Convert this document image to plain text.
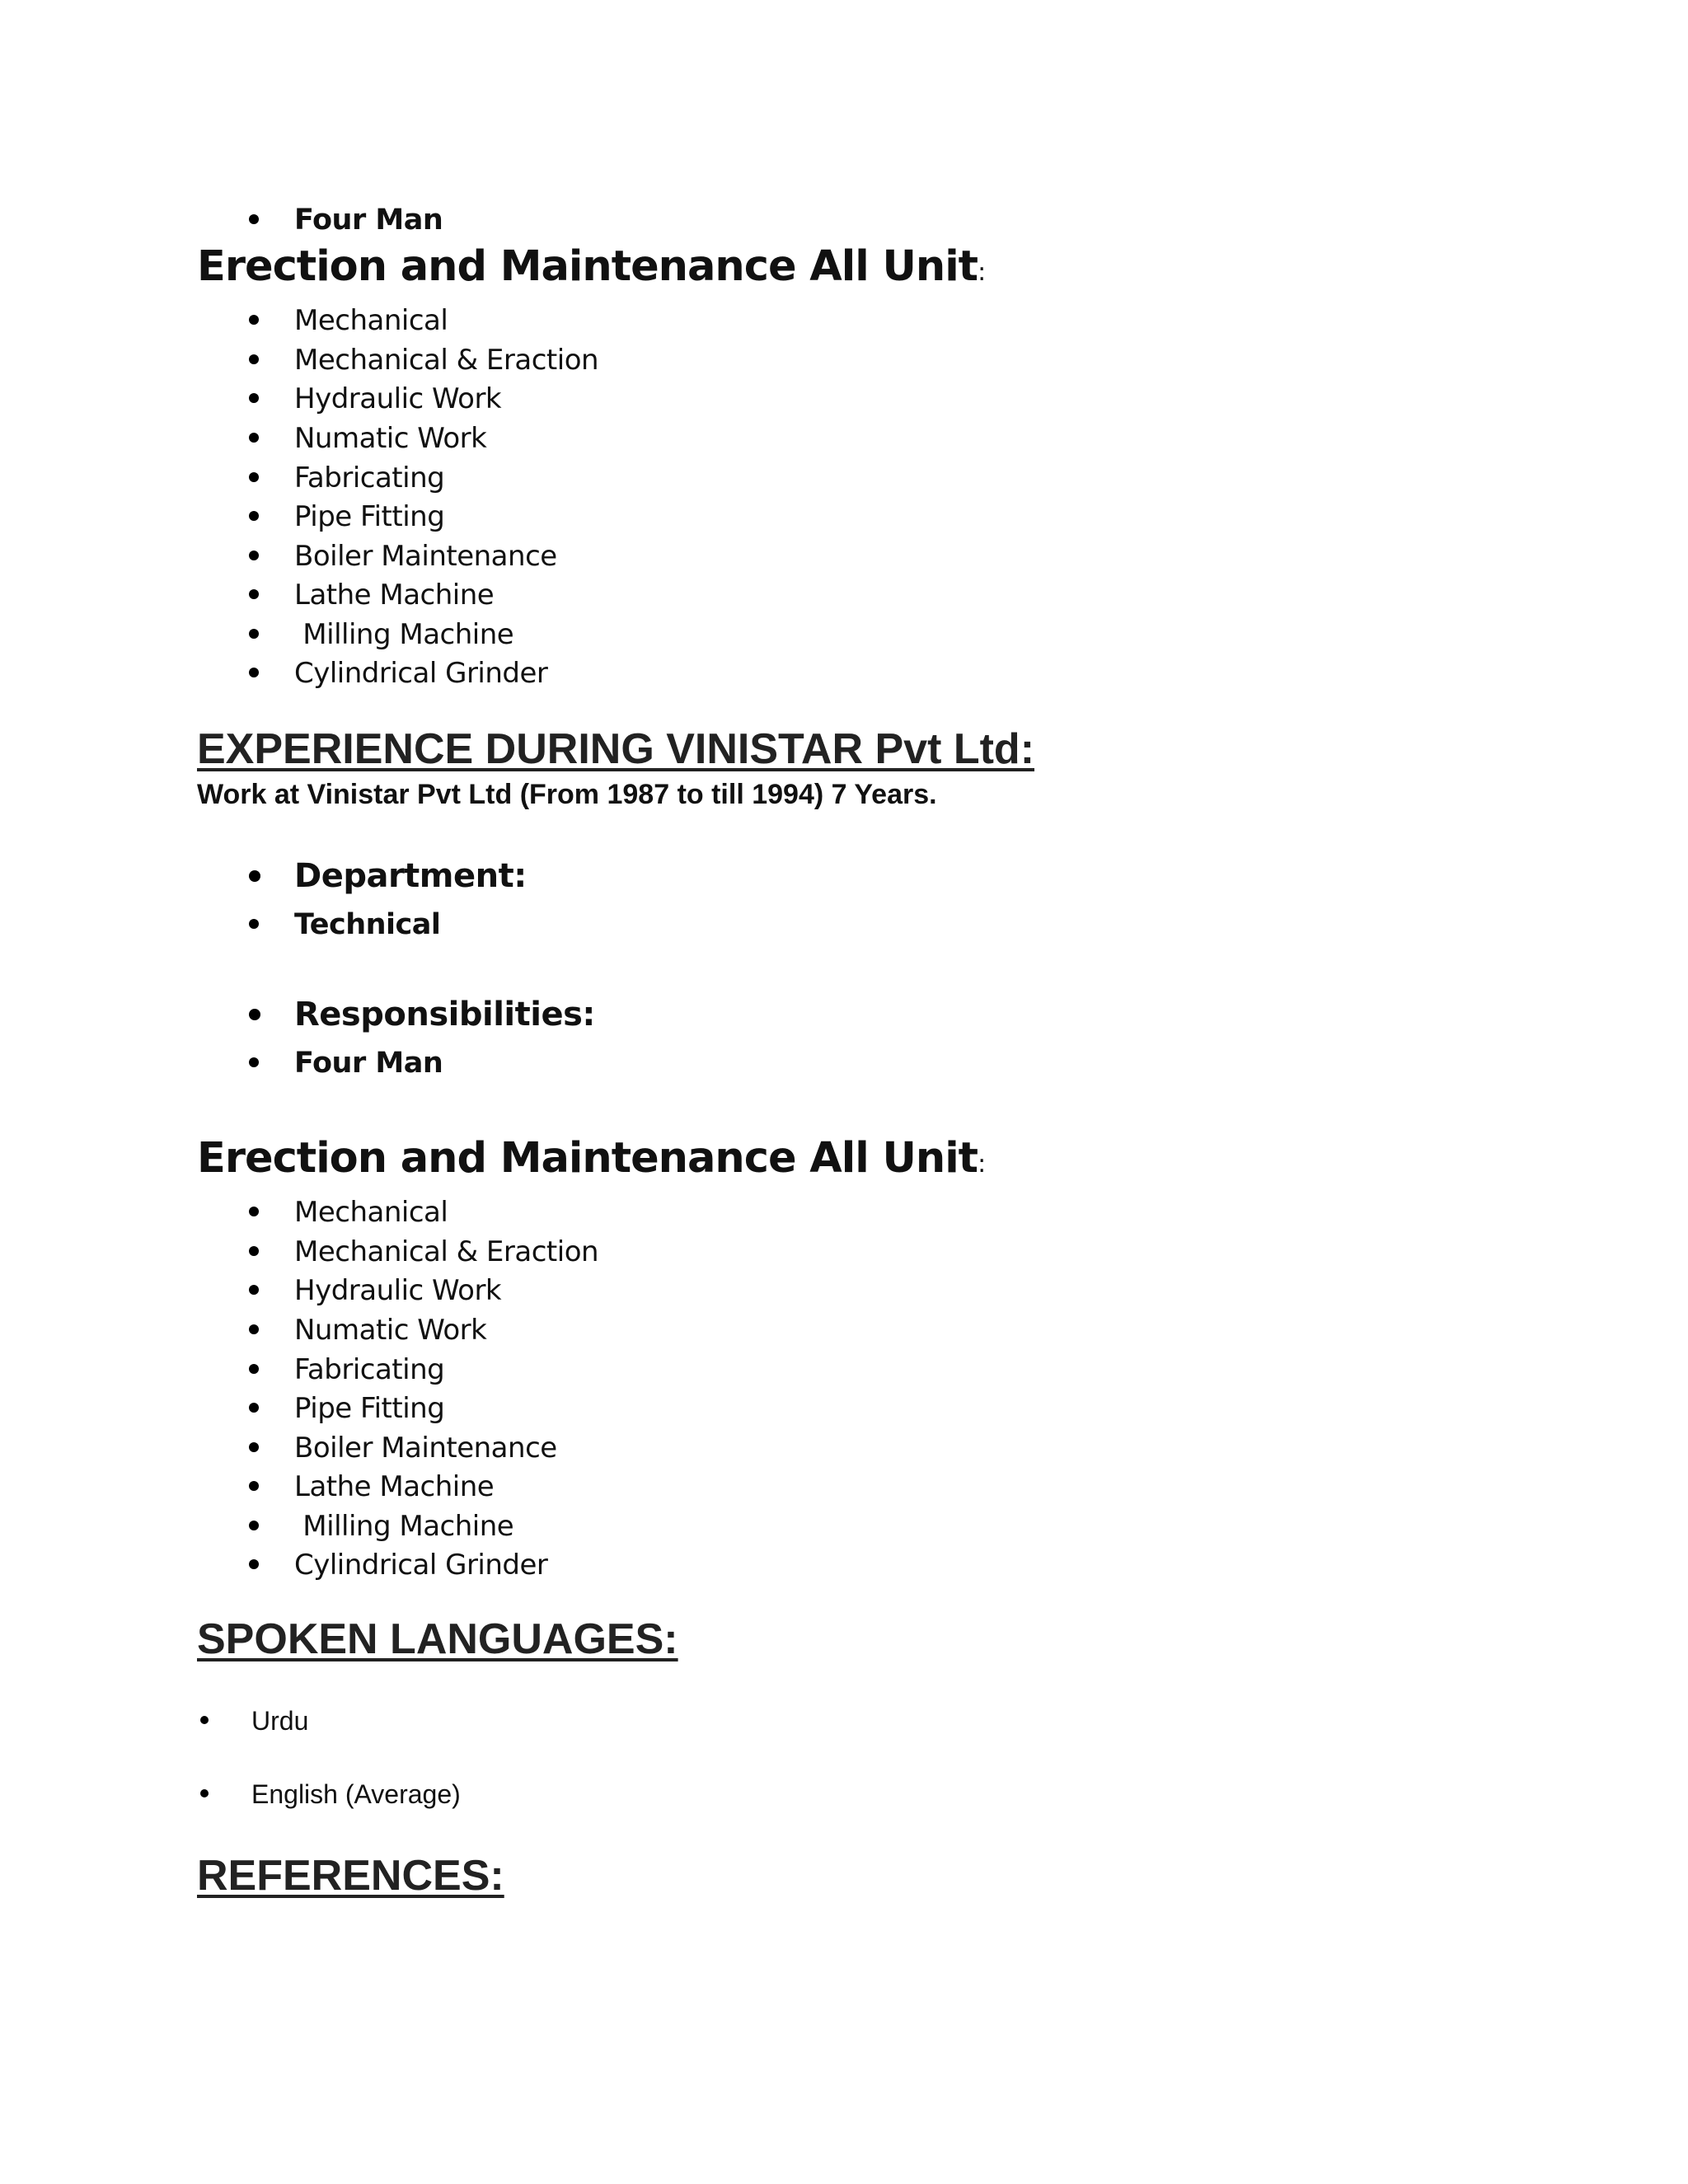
Four Man
Erection and Maintenance All Unit:
Mechanical
Mechanical & Eraction
Hydraulic Work
Numatic Work
Fabricating
Pipe Fitting
Boiler Maintenance
Lathe Machine
Milling Machine
Cylindrical Grinder
EXPERIENCE DURING VINISTAR Pvt Ltd:
Work at Vinistar Pvt Ltd (From 1987 to till 1994) 7 Years.
Department:
Technical
Responsibilities:
Four Man
Erection and Maintenance All Unit:
Mechanical
Mechanical & Eraction
Hydraulic Work
Numatic Work
Fabricating
Pipe Fitting
Boiler Maintenance
Lathe Machine
Milling Machine
Cylindrical Grinder
SPOKEN LANGUAGES:
Urdu
English (Average)
REFERENCES:
